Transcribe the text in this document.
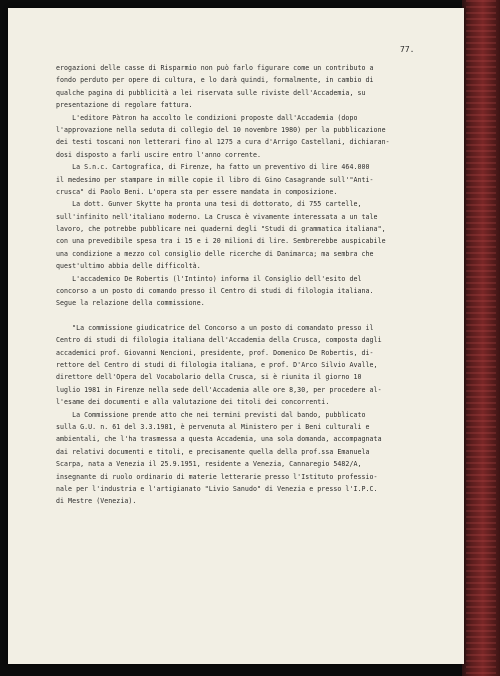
77.
erogazioni delle casse di Risparmio non può farlo figurare come un contributo a
fondo perduto per opere di cultura, e lo darà quindi, formalmente, in cambio di
qualche pagina di pubblicità a lei riservata sulle riviste dell'Accademia, su
presentazione di regolare fattura.
L'editore Pàtron ha accolto le condizioni proposte dall'Accademia (dopo
l'approvazione nella seduta di collegio del 10 novembre 1980) per la pubblicazione
dei testi toscani non letterari fino al 1275 a cura d'Arrigo Castellani, dichiaran-
dosi disposto a farli uscire entro l'anno corrente.
La S.n.c. Cartografica, di Firenze, ha fatto un preventivo di lire 464.000
il medesimo per stampare in mille copie il libro di Gino Casagrande sull'"Anti-
crusca" di Paolo Beni. L'opera sta per essere mandata in composizione.
La dott. Gunver Skytte ha pronta una tesi di dottorato, di 755 cartelle,
sull'infinito nell'italiano moderno. La Crusca è vivamente interessata a un tale
lavoro, che potrebbe pubblicare nei quaderni degli "Studi di grammatica italiana",
con una prevedibile spesa tra i 15 e i 20 milioni di lire. Sembrerebbe auspicabile
una condizione a mezzo col consiglio delle ricerche di Danimarca; ma sembra che
quest'ultimo abbia delle difficoltà.
L'accademico De Robertis (l'Intinto) informa il Consiglio dell'esito del
concorso a un posto di comando presso il Centro di studi di filologia italiana.
Segue la relazione della commissione.
"La commissione giudicatrice del Concorso a un posto di comandato presso il
Centro di studi di filologia italiana dell'Accademia della Crusca, composta dagli
accademici prof. Giovanni Nencioni, presidente, prof. Domenico De Robertis, di-
rettore del Centro di studi di filologia italiana, e prof. D'Arco Silvio Avalle,
direttore dell'Opera del Vocabolario della Crusca, si è riunita il giorno 10
luglio 1981 in Firenze nella sede dell'Accademia alle ore 8,30, per procedere al-
l'esame dei documenti e alla valutazione dei titoli dei concorrenti.
La Commissione prende atto che nei termini previsti dal bando, pubblicato
sulla G.U. n. 61 del 3.3.1981, è pervenuta al Ministero per i Beni culturali e
ambientali, che l'ha trasmessa a questa Accademia, una sola domanda, accompagnata
dai relativi documenti e titoli, e precisamente quella della prof.ssa Emanuela
Scarpa, nata a Venezia il 25.9.1951, residente a Venezia, Cannaregio 5482/A,
insegnante di ruolo ordinario di materie letterarie presso l'Istituto professio-
nale per l'industria e l'artigianato "Livio Sanudo" di Venezia e presso l'I.P.C.
di Mestre (Venezia).
